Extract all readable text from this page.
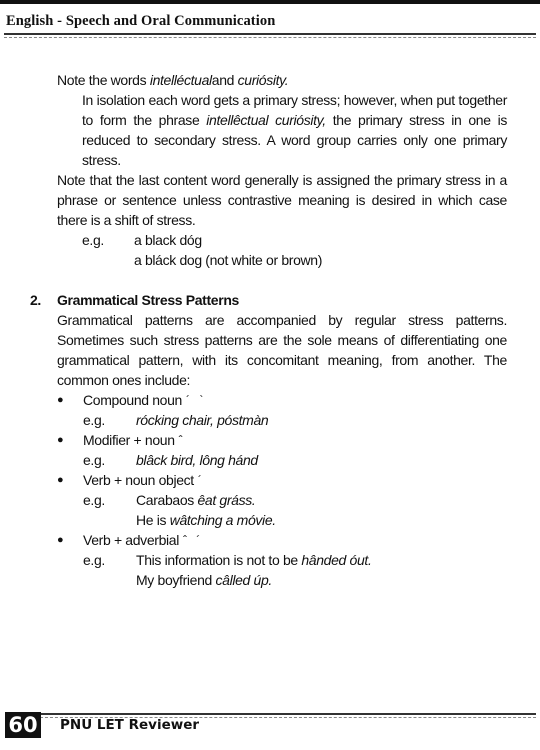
English - Speech and Oral Communication

Note the words intelléctualand curiósity.

In isolation each word gets a primary stress; however, when put together to form the phrase intellêctual curiósity, the primary stress in one is reduced to secondary stress. A word group carries only one primary stress.

Note that the last content word generally is assigned the primary stress in a phrase or sentence unless contrastive meaning is desired in which case there is a shift of stress.

e.g.	a black dóg
a bláck dog (not white or brown)
2.	Grammatical Stress Patterns

Grammatical patterns are accompanied by regular stress patterns. Sometimes such stress patterns are the sole means of differentiating one grammatical pattern, with its concomitant meaning, from another. The common ones include:

●	Compound noun ´ `
e.g.	rócking chair, póstmàn
●	Modifier + noun ˆ
e.g.	blâck bird, lông hánd
●	Verb + noun object ´
e.g.	Carabaos êat gráss.
He is wâtching a móvie.
●	Verb + adverbial ˆ ´
e.g.	This information is not to be hânded óut.
My boyfriend câlled úp.
60 PNU LET Reviewer
